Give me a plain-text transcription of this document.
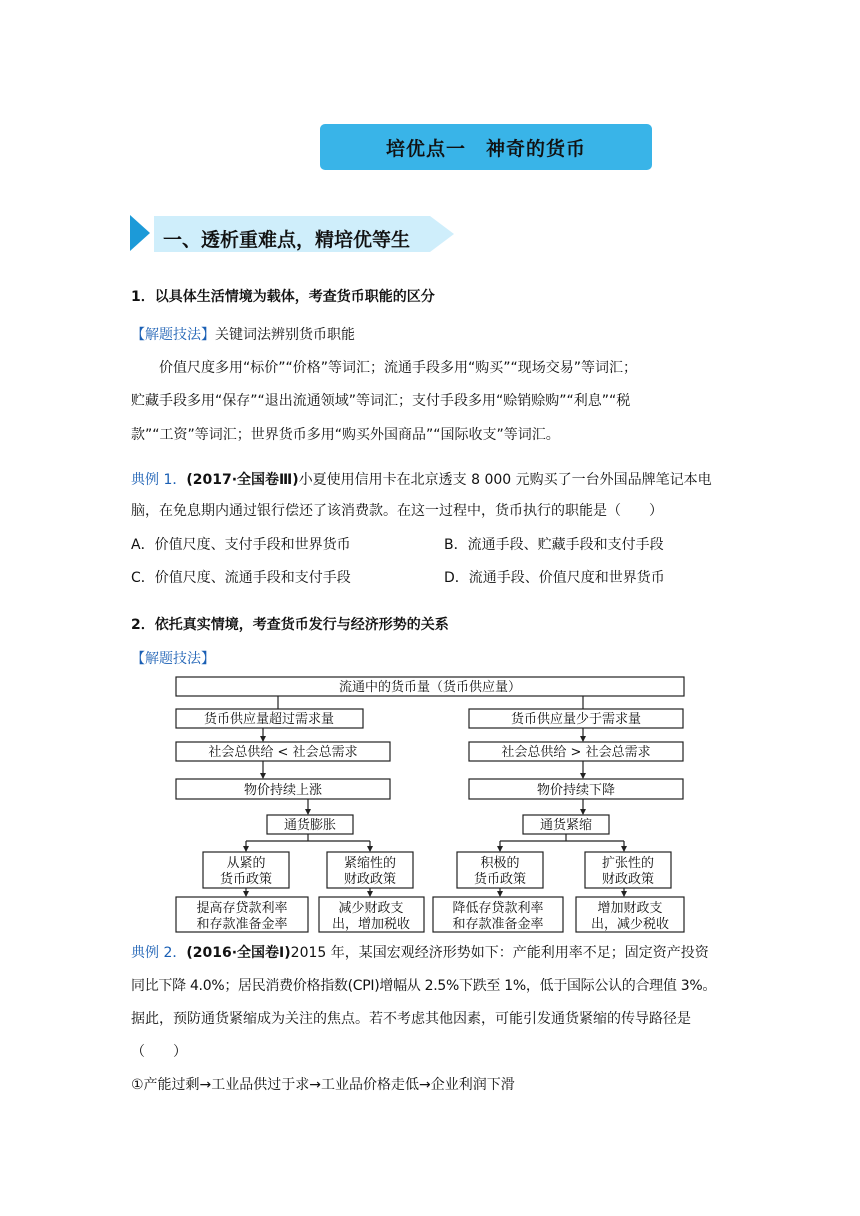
培优点一　神奇的货币
一、透析重难点，精培优等生
1．以具体生活情境为载体，考查货币职能的区分
【解题技法】关键词法辨别货币职能
价值尺度多用“标价”“价格”等词汇；流通手段多用“购买”“现场交易”等词汇；
贮藏手段多用“保存”“退出流通领域”等词汇；支付手段多用“赊销赊购”“利息”“税
款”“工资”等词汇；世界货币多用“购买外国商品”“国际收支”等词汇。
典例 1．(2017·全国卷Ⅲ)小夏使用信用卡在北京透支 8 000 元购买了一台外国品牌笔记本电
脑，在免息期内通过银行偿还了该消费款。在这一过程中，货币执行的职能是（　　）
A．价值尺度、支付手段和世界货币	B．流通手段、贮藏手段和支付手段
C．价值尺度、流通手段和支付手段	D．流通手段、价值尺度和世界货币
2．依托真实情境，考查货币发行与经济形势的关系
【解题技法】
流通中的货币量（货币供应量）
货币供应量超过需求量	货币供应量少于需求量
社会总供给 < 社会总需求	社会总供给 > 社会总需求
物价持续上涨	物价持续下降
通货膨胀	通货紧缩
从紧的
货币政策
紧缩性的
财政政策
积极的
货币政策
扩张性的
财政政策
提高存贷款利率
和存款准备金率
减少财政支
出，增加税收
降低存贷款利率
和存款准备金率
增加财政支
出，减少税收
典例 2．(2016·全国卷Ⅰ)2015 年，某国宏观经济形势如下：产能利用率不足；固定资产投资
同比下降 4.0%；居民消费价格指数(CPI)增幅从 2.5%下跌至 1%，低于国际公认的合理值 3%。
据此，预防通货紧缩成为关注的焦点。若不考虑其他因素，可能引发通货紧缩的传导路径是
（　　）
①产能过剩→工业品供过于求→工业品价格走低→企业利润下滑
